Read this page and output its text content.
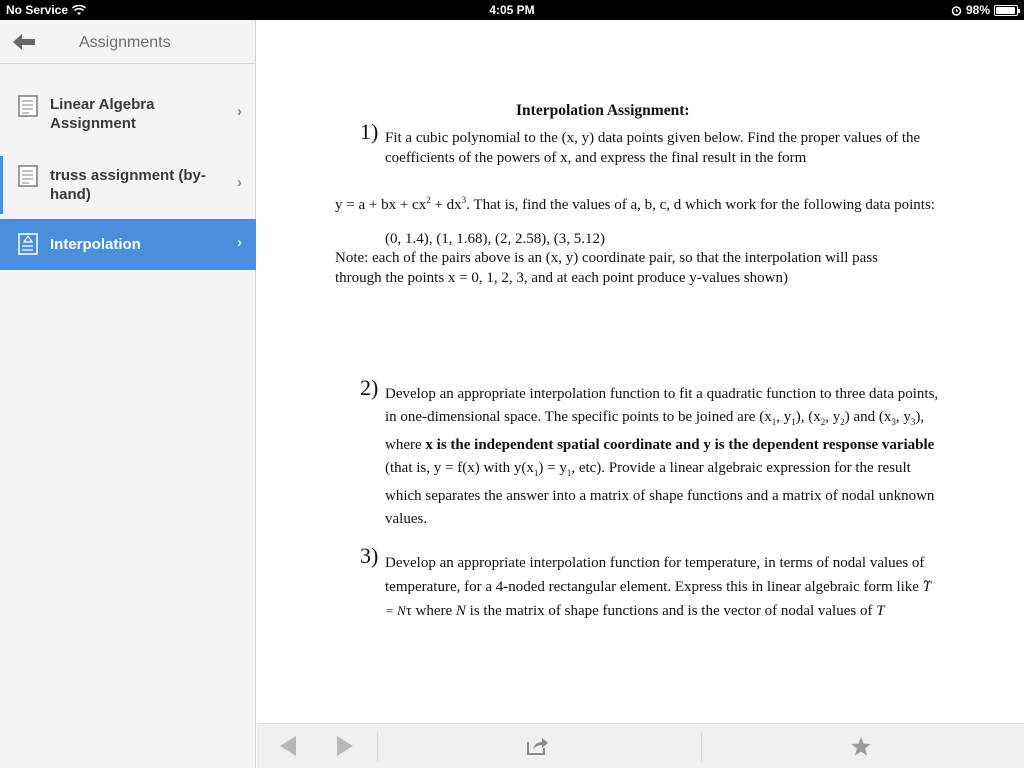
No Service	4:05 PM	98%
Assignments
Linear Algebra Assignment
›
truss assignment (by-hand)
›
Interpolation	›
Interpolation Assignment:
1) Fit a cubic polynomial to the (x, y) data points given below. Find the proper values of the coefficients of the powers of x, and express the final result in the form
y = a + bx + $cx^2 + dx^3$. That is, find the values of a, b, c, d which work for the following data points:
(0, 1.4), (1, 1.68), (2, 2.58), (3, 5.12)
Note: each of the pairs above is an (x, y) coordinate pair, so that the interpolation will pass through the points x = 0, 1, 2, 3, and at each point produce y-values shown)
2) Develop an appropriate interpolation function to fit a quadratic function to three data points, in one-dimensional space. The specific points to be joined are ($x_1$, $y_1$), ($x_2$, $y_2$) and ($x_3$, $y_3$), where x is the independent spatial coordinate and y is the dependent response variable (that is, y = f(x) with $y(x_1) = y_1$, etc). Provide a linear algebraic expression for the result which separates the answer into a matrix of shape functions and a matrix of nodal unknown values.
3) Develop an appropriate interpolation function for temperature, in terms of nodal values of temperature, for a 4-noded rectangular element. Express this in linear algebraic form like ~ T = Nτ where N is the matrix of shape functions and is the vector of nodal values of T
